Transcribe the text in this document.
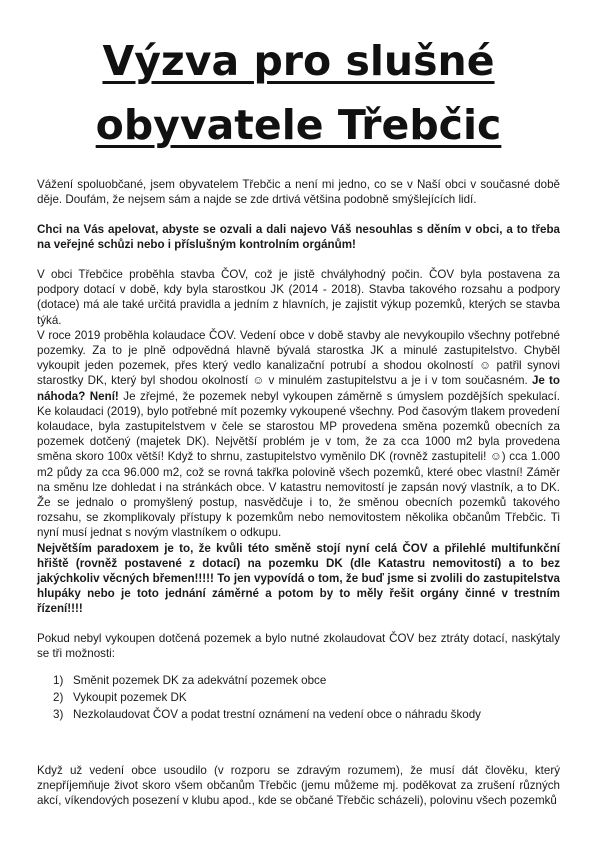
Výzva pro slušné
obyvatele Třebčic

Vážení spoluobčané, jsem obyvatelem Třebčic a není mi jedno, co se v Naší obci v současné době děje. Doufám, že nejsem sám a najde se zde drtivá většina podobně smýšlejících lidí.

Chci na Vás apelovat, abyste se ozvali a dali najevo Váš nesouhlas s děním v obci, a to třeba na veřejné schůzi nebo i příslušným kontrolním orgánům!

V obci Třebčice proběhla stavba ČOV, což je jistě chvályhodný počin. ČOV byla postavena za podpory dotací v době, kdy byla starostkou JK (2014 - 2018). Stavba takového rozsahu a podpory (dotace) má ale také určitá pravidla a jedním z hlavních, je zajistit výkup pozemků, kterých se stavba týká.

V roce 2019 proběhla kolaudace ČOV. Vedení obce v době stavby ale nevykoupilo všechny potřebné pozemky. Za to je plně odpovědná hlavně bývalá starostka JK a minulé zastupitelstvo. Chyběl vykoupit jeden pozemek, přes který vedlo kanalizační potrubí a shodou okolností ☺ patřil synovi starostky DK, který byl shodou okolností ☺ v minulém zastupitelstvu a je i v tom současném. Je to náhoda? Není! Je zřejmé, že pozemek nebyl vykoupen záměrně s úmyslem pozdějších spekulací. Ke kolaudaci (2019), bylo potřebné mít pozemky vykoupené všechny. Pod časovým tlakem provedení kolaudace, byla zastupitelstvem v čele se starostou MP provedena směna pozemků obecních za pozemek dotčený (majetek DK). Největší problém je v tom, že za cca 1000 m2 byla provedena směna skoro 100x větší! Když to shrnu, zastupitelstvo vyměnilo DK (rovněž zastupiteli! ☺) cca 1.000 m2 půdy za cca 96.000 m2, což se rovná takřka polovině všech pozemků, které obec vlastní! Záměr na směnu lze dohledat i na stránkách obce. V katastru nemovitostí je zapsán nový vlastník, a to DK. Že se jednalo o promyšlený postup, nasvědčuje i to, že směnou obecních pozemků takového rozsahu, se zkomplikovaly přístupy k pozemkům nebo nemovitostem několika občanům Třebčic. Ti nyní musí jednat s novým vlastníkem o odkupu.

Největším paradoxem je to, že kvůli této směně stojí nyní celá ČOV a přilehlé multifunkční hřiště (rovněž postavené z dotací) na pozemku DK (dle Katastru nemovitostí) a to bez jakýchkoliv věcných břemen!!!!! To jen vypovídá o tom, že buď jsme si zvolili do zastupitelstva hlupáky nebo je toto jednání záměrné a potom by to měly řešit orgány činné v trestním řízení!!!!

Pokud nebyl vykoupen dotčená pozemek a bylo nutné zkolaudovat ČOV bez ztráty dotací, naskýtaly se tři možnosti:

1) Směnit pozemek DK za adekvátní pozemek obce
2) Vykoupit pozemek DK
3) Nezkolaudovat ČOV a podat trestní oznámení na vedení obce o náhradu škody

Když už vedení obce usoudilo (v rozporu se zdravým rozumem), že musí dát člověku, který znepříjemňuje život skoro všem občanům Třebčic (jemu můžeme mj. poděkovat za zrušení různých akcí, víkendových posezení v klubu apod., kde se občané Třebčic scházeli), polovinu všech pozemků
